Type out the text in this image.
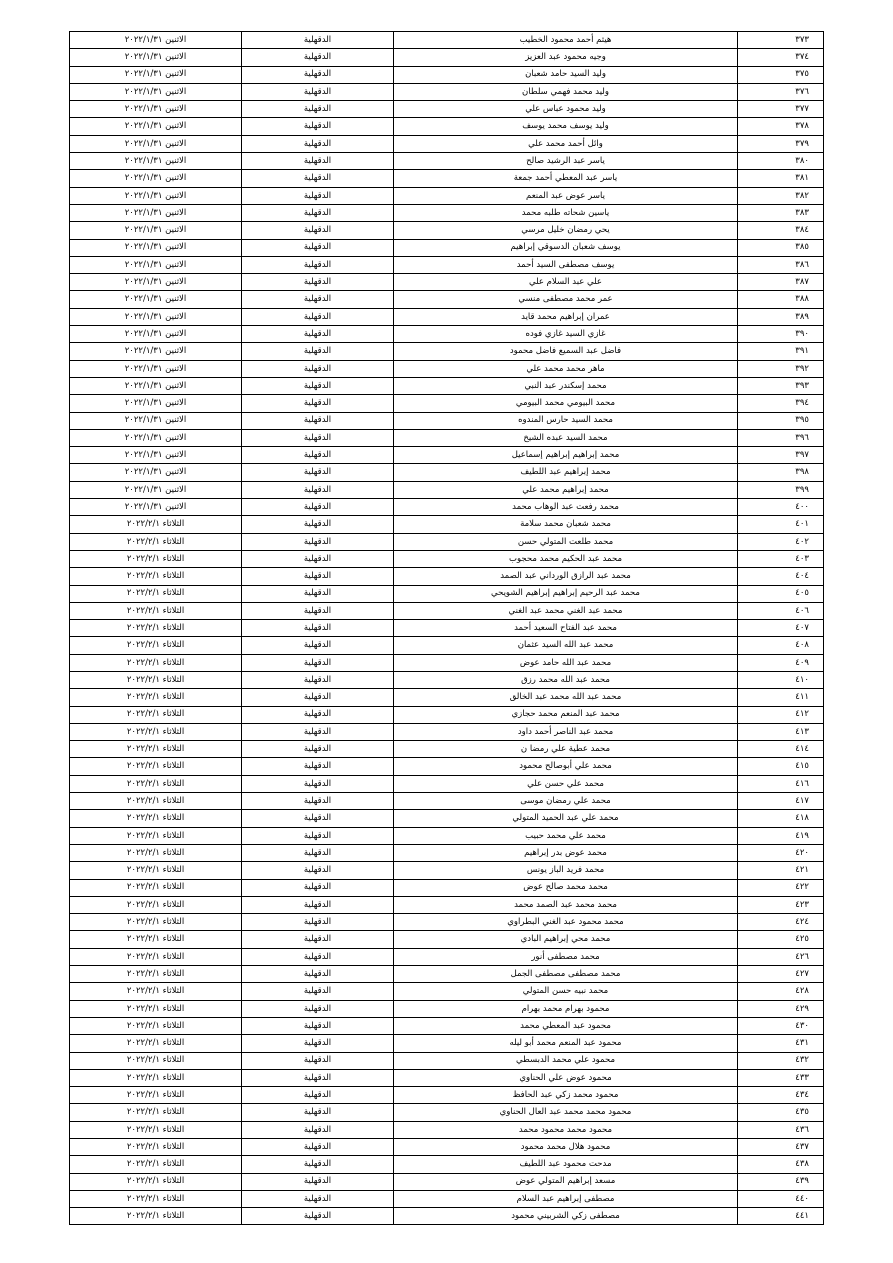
٣٧٣	هيثم أحمد محمود الخطيب	الدقهلية	الاثنين ٢٠٢٢/١/٣١
٣٧٤	وجيه محمود عبد العزيز	الدقهلية	الاثنين ٢٠٢٢/١/٣١
٣٧٥	وليد السيد حامد شعبان	الدقهلية	الاثنين ٢٠٢٢/١/٣١
٣٧٦	وليد محمد فهمي سلطان	الدقهلية	الاثنين ٢٠٢٢/١/٣١
٣٧٧	وليد محمود عباس علي	الدقهلية	الاثنين ٢٠٢٢/١/٣١
٣٧٨	وليد يوسف محمد يوسف	الدقهلية	الاثنين ٢٠٢٢/١/٣١
٣٧٩	وائل أحمد محمد علي	الدقهلية	الاثنين ٢٠٢٢/١/٣١
٣٨٠	ياسر عبد الرشيد صالح	الدقهلية	الاثنين ٢٠٢٢/١/٣١
٣٨١	ياسر عبد المعطي أحمد جمعة	الدقهلية	الاثنين ٢٠٢٢/١/٣١
٣٨٢	ياسر عوض عبد المنعم	الدقهلية	الاثنين ٢٠٢٢/١/٣١
٣٨٣	ياسين شحاته طلبه محمد	الدقهلية	الاثنين ٢٠٢٢/١/٣١
٣٨٤	يحي رمضان خليل مرسي	الدقهلية	الاثنين ٢٠٢٢/١/٣١
٣٨٥	يوسف شعبان الدسوقي إبراهيم	الدقهلية	الاثنين ٢٠٢٢/١/٣١
٣٨٦	يوسف مصطفى السيد أحمد	الدقهلية	الاثنين ٢٠٢٢/١/٣١
٣٨٧	علي عبد السلام علي	الدقهلية	الاثنين ٢٠٢٢/١/٣١
٣٨٨	عمر محمد مصطفى منسي	الدقهلية	الاثنين ٢٠٢٢/١/٣١
٣٨٩	عمران إبراهيم محمد قايد	الدقهلية	الاثنين ٢٠٢٢/١/٣١
٣٩٠	غازي السيد غازي فوده	الدقهلية	الاثنين ٢٠٢٢/١/٣١
٣٩١	فاضل عبد السميع فاضل محمود	الدقهلية	الاثنين ٢٠٢٢/١/٣١
٣٩٢	ماهر محمد محمد علي	الدقهلية	الاثنين ٢٠٢٢/١/٣١
٣٩٣	محمد إسكندر عبد النبي	الدقهلية	الاثنين ٢٠٢٢/١/٣١
٣٩٤	محمد البيومي محمد البيومي	الدقهلية	الاثنين ٢٠٢٢/١/٣١
٣٩٥	محمد السيد حارس المندوه	الدقهلية	الاثنين ٢٠٢٢/١/٣١
٣٩٦	محمد السيد عبده الشيخ	الدقهلية	الاثنين ٢٠٢٢/١/٣١
٣٩٧	محمد إبراهيم إبراهيم إسماعيل	الدقهلية	الاثنين ٢٠٢٢/١/٣١
٣٩٨	محمد إبراهيم عبد اللطيف	الدقهلية	الاثنين ٢٠٢٢/١/٣١
٣٩٩	محمد إبراهيم محمد علي	الدقهلية	الاثنين ٢٠٢٢/١/٣١
٤٠٠	محمد رفعت عبد الوهاب محمد	الدقهلية	الاثنين ٢٠٢٢/١/٣١
٤٠١	محمد شعبان محمد سلامة	الدقهلية	الثلاثاء ٢٠٢٢/٢/١
٤٠٢	محمد طلعت المتولي حسن	الدقهلية	الثلاثاء ٢٠٢٢/٢/١
٤٠٣	محمد عبد الحكيم محمد محجوب	الدقهلية	الثلاثاء ٢٠٢٢/٢/١
٤٠٤	محمد عبد الرازق الورداني عبد الصمد	الدقهلية	الثلاثاء ٢٠٢٢/٢/١
٤٠٥	محمد عبد الرحيم إبراهيم إبراهيم الشويحي	الدقهلية	الثلاثاء ٢٠٢٢/٢/١
٤٠٦	محمد عبد الغني محمد عبد الغني	الدقهلية	الثلاثاء ٢٠٢٢/٢/١
٤٠٧	محمد عبد الفتاح السعيد أحمد	الدقهلية	الثلاثاء ٢٠٢٢/٢/١
٤٠٨	محمد عبد الله السيد عثمان	الدقهلية	الثلاثاء ٢٠٢٢/٢/١
٤٠٩	محمد عبد الله حامد عوض	الدقهلية	الثلاثاء ٢٠٢٢/٢/١
٤١٠	محمد عبد الله محمد رزق	الدقهلية	الثلاثاء ٢٠٢٢/٢/١
٤١١	محمد عبد الله محمد عبد الخالق	الدقهلية	الثلاثاء ٢٠٢٢/٢/١
٤١٢	محمد عبد المنعم محمد حجازي	الدقهلية	الثلاثاء ٢٠٢٢/٢/١
٤١٣	محمد عبد الناصر أحمد داود	الدقهلية	الثلاثاء ٢٠٢٢/٢/١
٤١٤	محمد عطية علي رمضا ن	الدقهلية	الثلاثاء ٢٠٢٢/٢/١
٤١٥	محمد علي أبوصالح محمود	الدقهلية	الثلاثاء ٢٠٢٢/٢/١
٤١٦	محمد علي حسن علي	الدقهلية	الثلاثاء ٢٠٢٢/٢/١
٤١٧	محمد علي رمضان موسى	الدقهلية	الثلاثاء ٢٠٢٢/٢/١
٤١٨	محمد علي عبد الحميد المتولي	الدقهلية	الثلاثاء ٢٠٢٢/٢/١
٤١٩	محمد علي محمد حبيب	الدقهلية	الثلاثاء ٢٠٢٢/٢/١
٤٢٠	محمد عوض بدر إبراهيم	الدقهلية	الثلاثاء ٢٠٢٢/٢/١
٤٢١	محمد فريد الباز يونس	الدقهلية	الثلاثاء ٢٠٢٢/٢/١
٤٢٢	محمد محمد صالح عوض	الدقهلية	الثلاثاء ٢٠٢٢/٢/١
٤٢٣	محمد محمد عبد الصمد محمد	الدقهلية	الثلاثاء ٢٠٢٢/٢/١
٤٢٤	محمد محمود عبد الغني البطراوي	الدقهلية	الثلاثاء ٢٠٢٢/٢/١
٤٢٥	محمد محي إبراهيم البادي	الدقهلية	الثلاثاء ٢٠٢٢/٢/١
٤٢٦	محمد مصطفى أنور	الدقهلية	الثلاثاء ٢٠٢٢/٢/١
٤٢٧	محمد مصطفى مصطفى الجمل	الدقهلية	الثلاثاء ٢٠٢٢/٢/١
٤٢٨	محمد نبيه حسن المتولي	الدقهلية	الثلاثاء ٢٠٢٢/٢/١
٤٢٩	محمود بهرام محمد بهرام	الدقهلية	الثلاثاء ٢٠٢٢/٢/١
٤٣٠	محمود عبد المعطي محمد	الدقهلية	الثلاثاء ٢٠٢٢/٢/١
٤٣١	محمود عبد المنعم محمد أبو ليله	الدقهلية	الثلاثاء ٢٠٢٢/٢/١
٤٣٢	محمود علي محمد الدبسطي	الدقهلية	الثلاثاء ٢٠٢٢/٢/١
٤٣٣	محمود عوض علي الحناوي	الدقهلية	الثلاثاء ٢٠٢٢/٢/١
٤٣٤	محمود محمد زكي عبد الحافظ	الدقهلية	الثلاثاء ٢٠٢٢/٢/١
٤٣٥	محمود محمد محمد عبد العال الحناوي	الدقهلية	الثلاثاء ٢٠٢٢/٢/١
٤٣٦	محمود محمد محمود محمد	الدقهلية	الثلاثاء ٢٠٢٢/٢/١
٤٣٧	محمود هلال محمد محمود	الدقهلية	الثلاثاء ٢٠٢٢/٢/١
٤٣٨	مدحت محمود عبد اللطيف	الدقهلية	الثلاثاء ٢٠٢٢/٢/١
٤٣٩	مسعد إبراهيم المتولي عوض	الدقهلية	الثلاثاء ٢٠٢٢/٢/١
٤٤٠	مصطفى إبراهيم عبد السلام	الدقهلية	الثلاثاء ٢٠٢٢/٢/١
٤٤١	مصطفى زكي الشربيني محمود	الدقهلية	الثلاثاء ٢٠٢٢/٢/١
